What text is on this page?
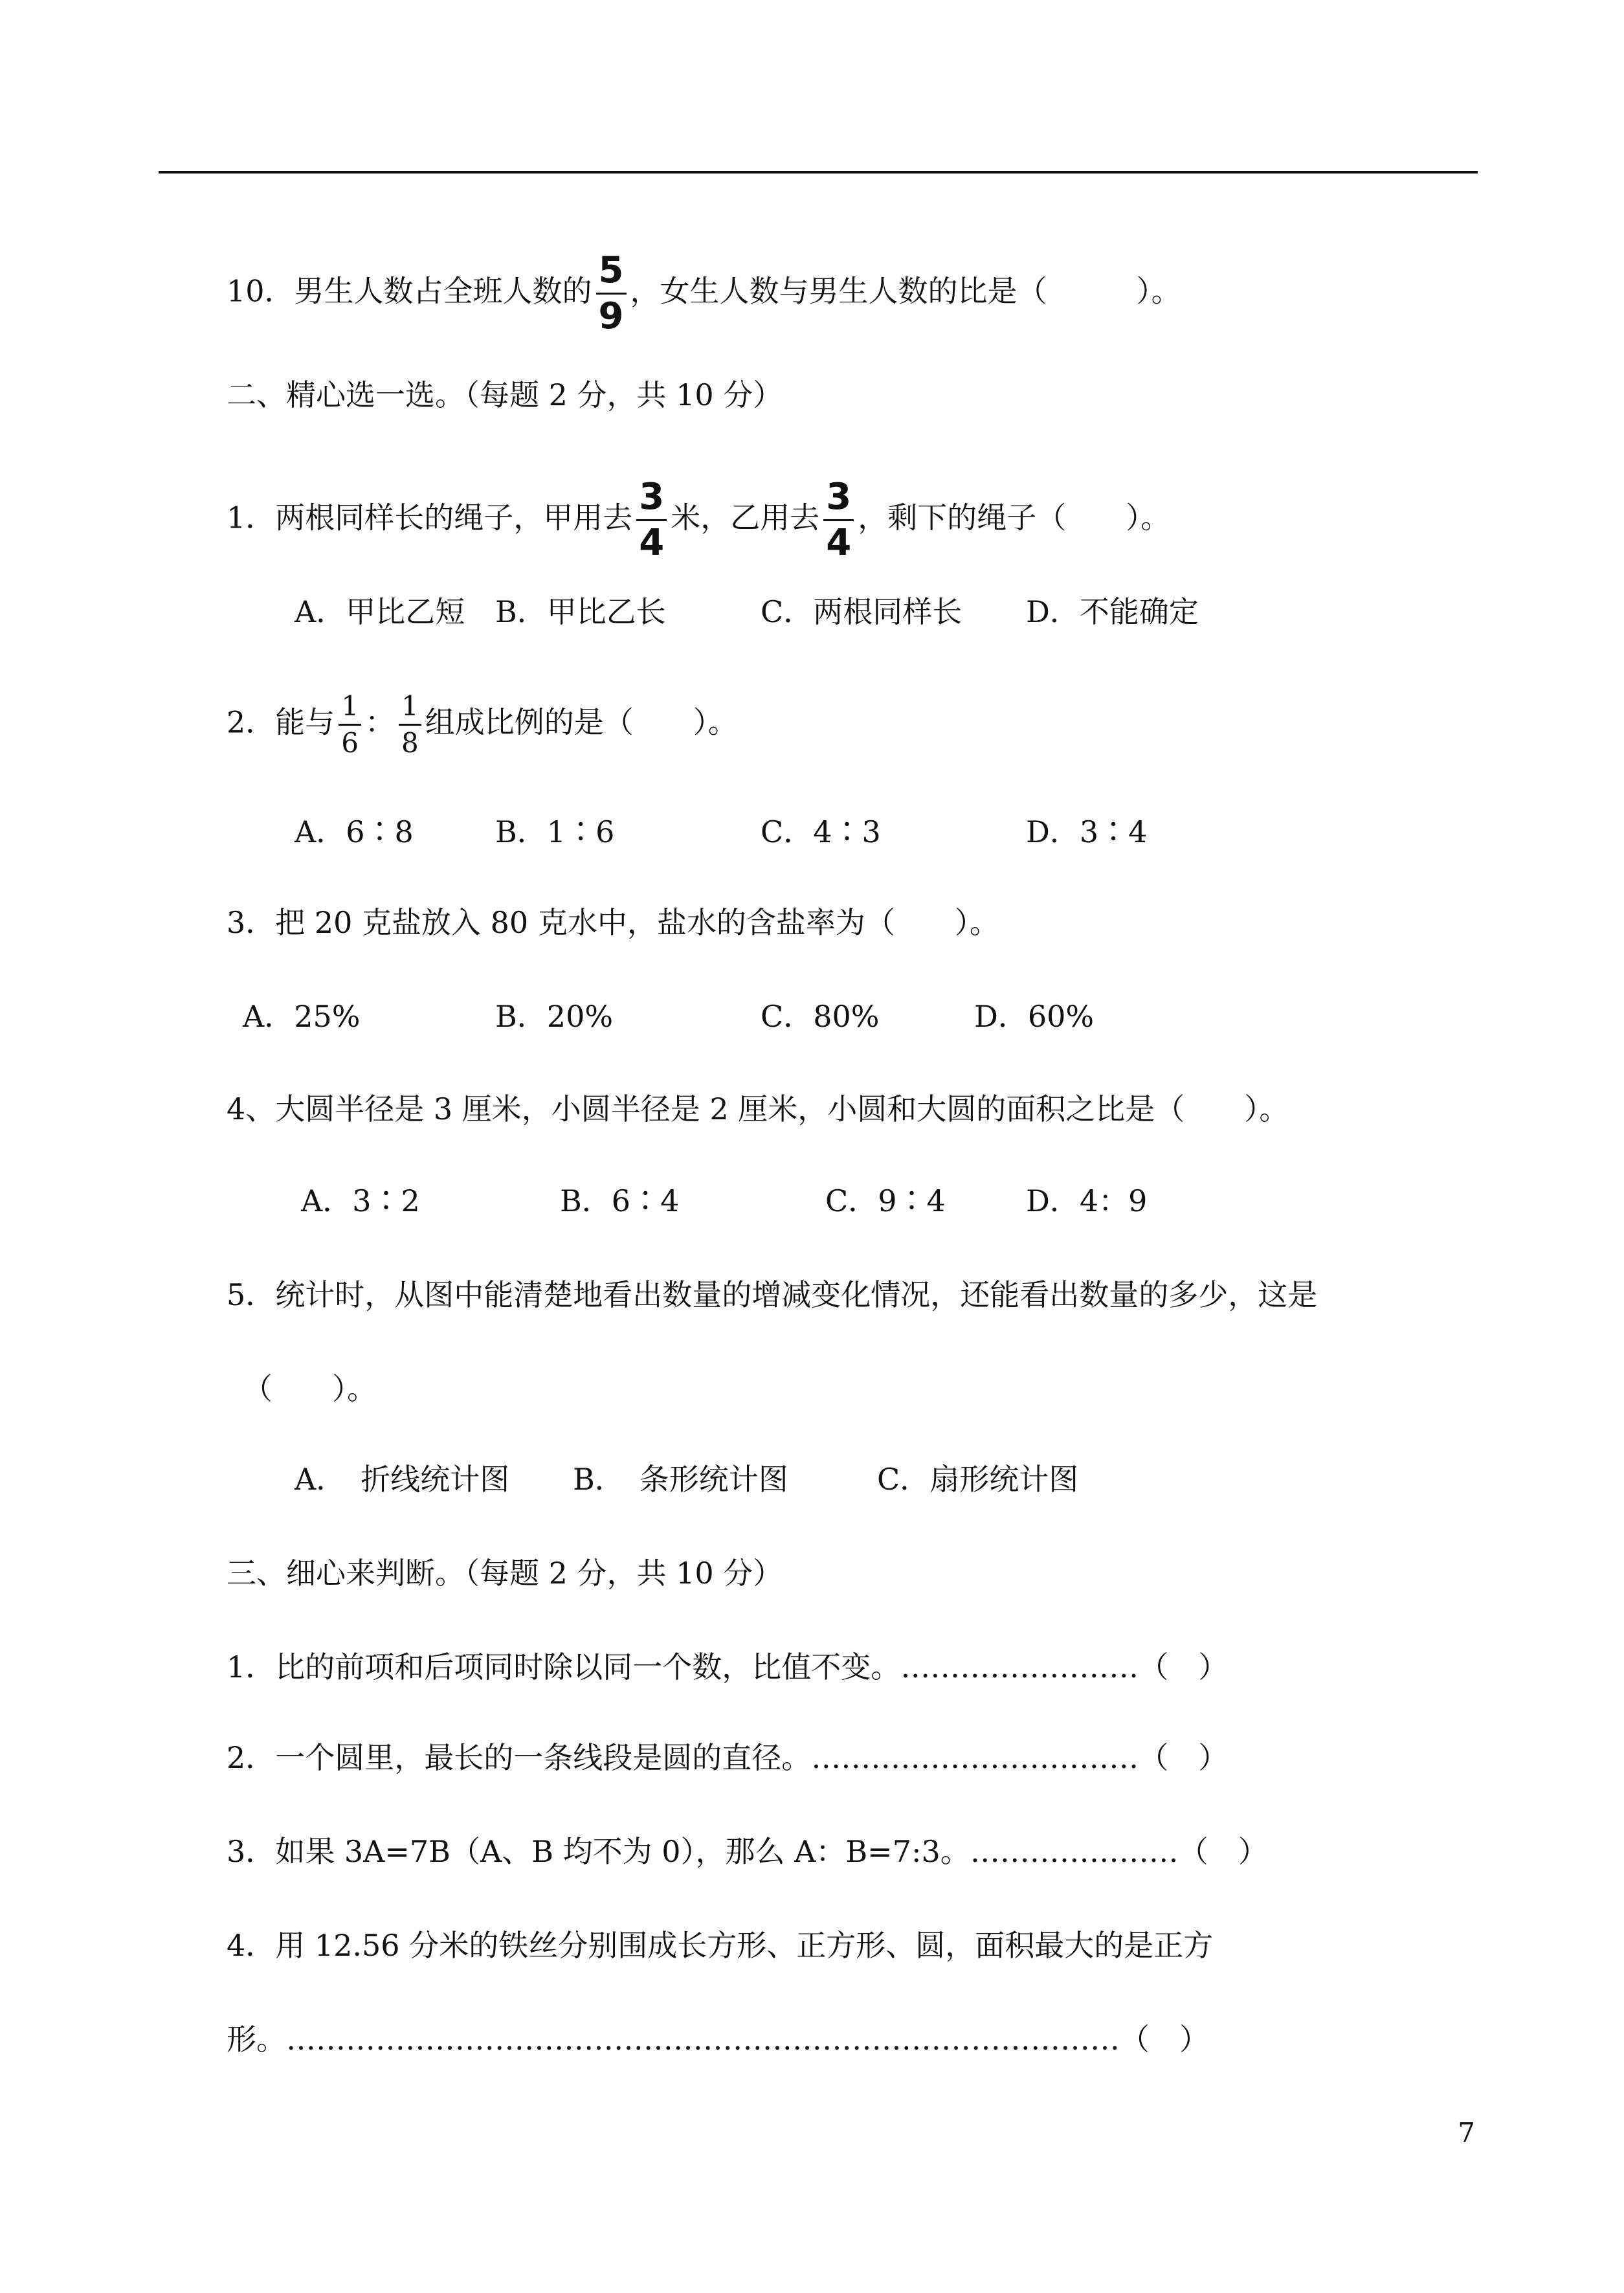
10．男生人数占全班人数的 $\frac{5}{9}$ ，女生人数与男生人数的比是（　　　）。
二、精心选一选。（每题 2 分，共 10 分）
1．两根同样长的绳子，甲用去 $\frac{3}{4}$ 米，乙用去 $\frac{3}{4}$ ，剩下的绳子（　　）。
A．甲比乙短 B．甲比乙长	C．两根同样长 D．不能确定
2．能与 $\frac{1}{6}$ ： $\frac{1}{8}$ 组成比例的是（　　）。
A．6∶8	B．1∶6	C．4∶3	D．3∶4
3．把 20 克盐放入 80 克水中，盐水的含盐率为（　　）。
A．25%	B．20%	C．80%	D．60%
4、大圆半径是 3 厘米，小圆半径是 2 厘米，小圆和大圆的面积之比是（　　）。
A．3∶2	B．6∶4	C．9∶4	D．4：9
5．统计时，从图中能清楚地看出数量的增减变化情况，还能看出数量的多少，这是
（　　）。
A．　折线统计图 B．　条形统计图	C．扇形统计图
三、细心来判断。（每题 2 分，共 10 分）
1．比的前项和后项同时除以同一个数，比值不变。……………………（　）
2．一个圆里，最长的一条线段是圆的直径。……………………………（　）
3．如果 3A=7B（A、B 均不为 0），那么 A：B=7:3。…………………（　）
4．用 12.56 分米的铁丝分别围成长方形、正方形、圆，面积最大的是正方
形。…………………………………………………………………………（　）
7
